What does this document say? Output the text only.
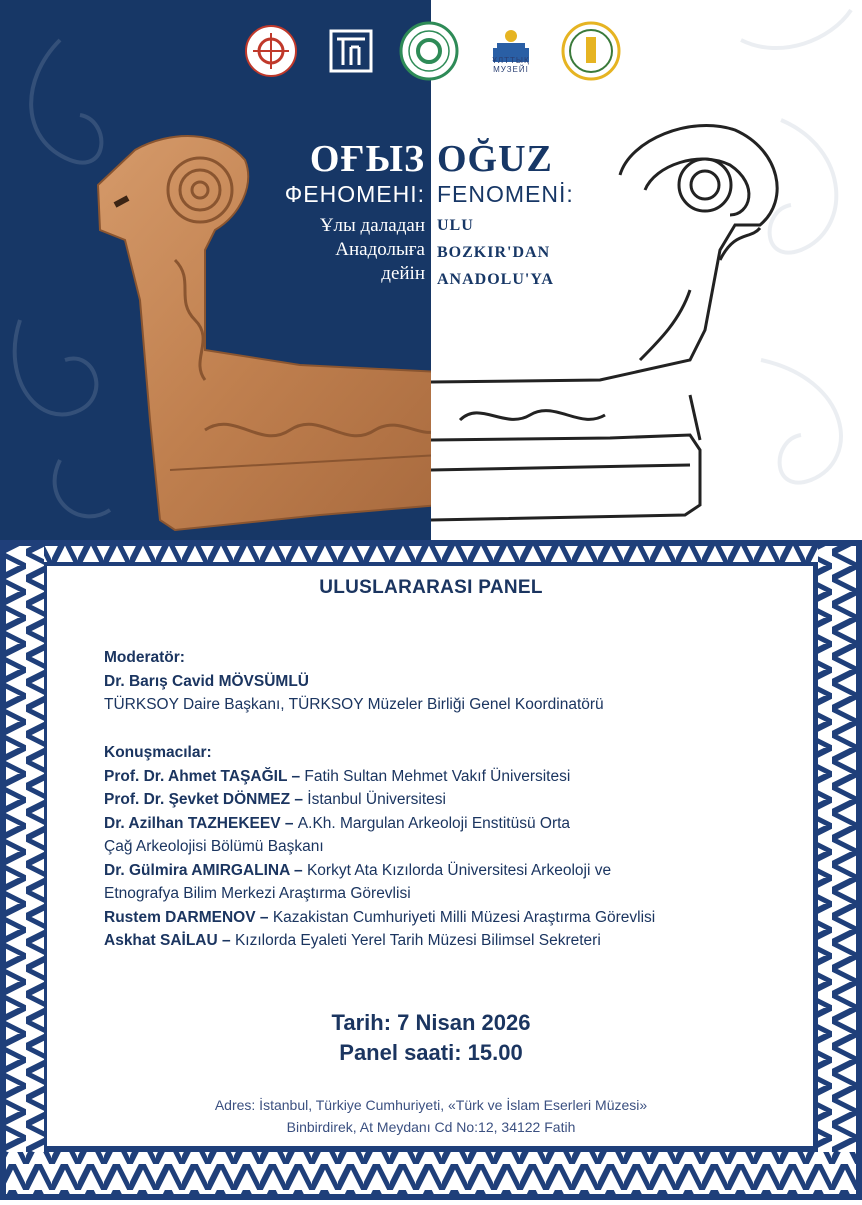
ҰЛТТЫҚ
МУЗЕЙІ
ОҒЫЗ
ФЕНОМЕНІ:
Ұлы даладан
Анадолыға
дейін
OĞUZ
FENOMENİ:
ULU
BOZKIR'DAN
ANADOLU'YA
ULUSLARARASI PANEL
Moderatör:
Dr. Barış Cavid MÖVSÜMLÜ
TÜRKSOY Daire Başkanı, TÜRKSOY Müzeler Birliği Genel Koordinatörü
Konuşmacılar:
Prof. Dr. Ahmet TAŞAĞIL – Fatih Sultan Mehmet Vakıf Üniversitesi
Prof. Dr. Şevket DÖNMEZ – İstanbul Üniversitesi
Dr. Azilhan TAZHEKEEV – A.Kh. Margulan Arkeoloji Enstitüsü Orta
Çağ Arkeolojisi Bölümü Başkanı
Dr. Gülmira AMIRGALINA – Korkyt Ata Kızılorda Üniversitesi Arkeoloji ve
Etnografya Bilim Merkezi Araştırma Görevlisi
Rustem DARMENOV – Kazakistan Cumhuriyeti Milli Müzesi Araştırma Görevlisi
Askhat SAİLAU – Kızılorda Eyaleti Yerel Tarih Müzesi Bilimsel Sekreteri
Tarih: 7 Nisan 2026
Panel saati: 15.00
Adres: İstanbul, Türkiye Cumhuriyeti, «Türk ve İslam Eserleri Müzesi»
Binbirdirek, At Meydanı Cd No:12, 34122 Fatih
